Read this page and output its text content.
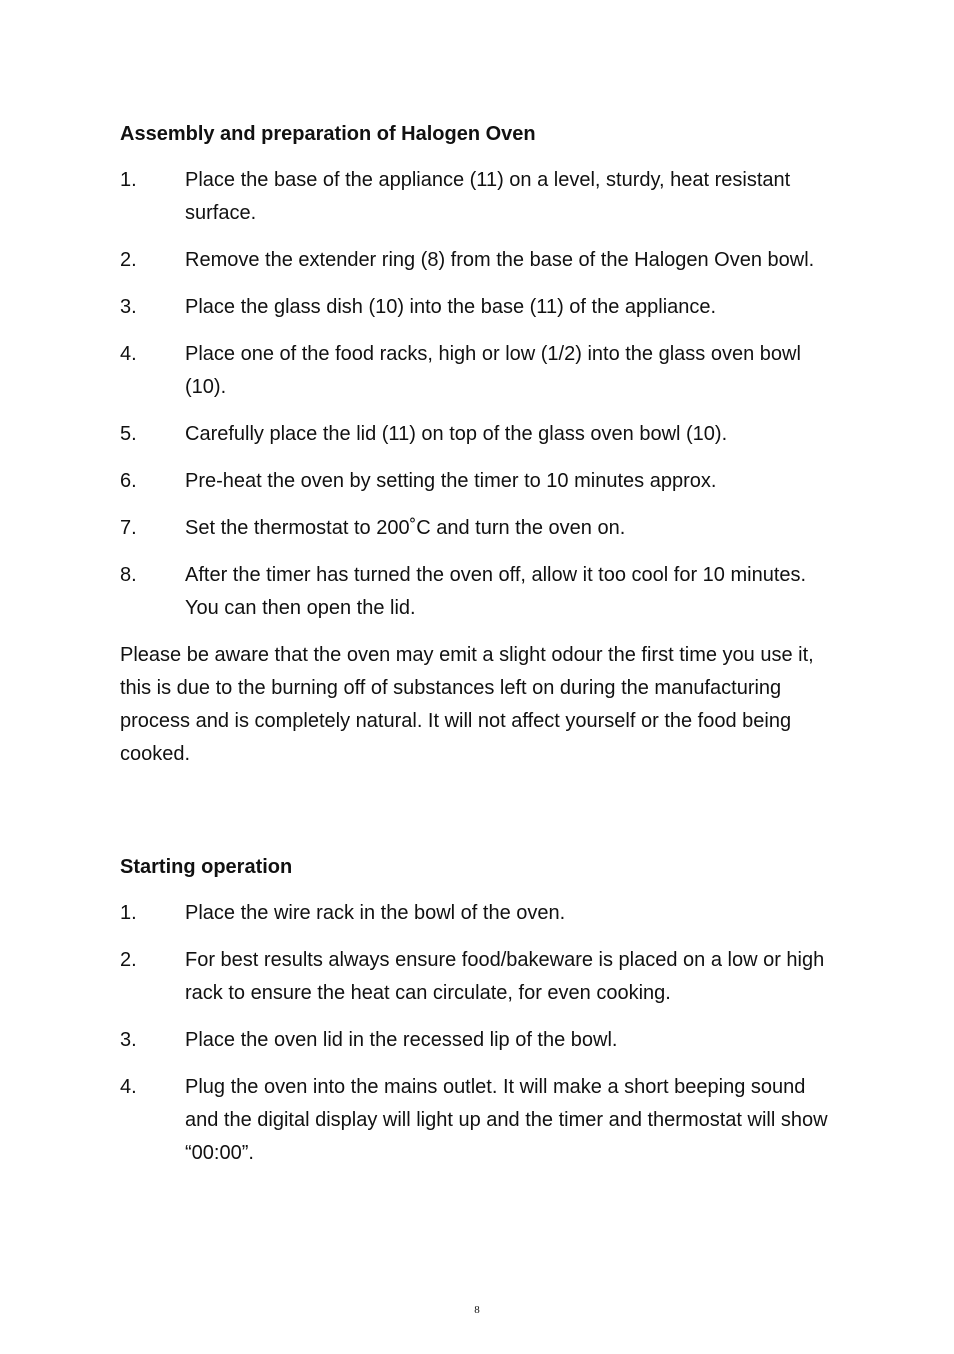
Assembly and preparation of Halogen Oven
1.	Place the base of the appliance (11) on a level, sturdy, heat resistant surface.
2.	Remove the extender ring (8) from the base of the Halogen Oven bowl.
3.	Place the glass dish (10) into the base (11) of the appliance.
4.	Place one of the food racks, high or low (1/2) into the glass oven bowl (10).
5.	Carefully place the lid (11) on top of the glass oven bowl (10).
6.	Pre-heat the oven by setting the timer to 10 minutes approx.
7.	Set the thermostat to 200˚C and turn the oven on.
8.	After the timer has turned the oven off, allow it too cool for 10 minutes. You can then open the lid.
Please be aware that the oven may emit a slight odour the first time you use it, this is due to the burning off of substances left on during the manufacturing process and is completely natural. It will not affect yourself or the food being cooked.
Starting operation
1.	Place the wire rack in the bowl of the oven.
2.	For best results always ensure food/bakeware is placed on a low or high rack to ensure the heat can circulate, for even cooking.
3.	Place the oven lid in the recessed lip of the bowl.
4.	Plug the oven into the mains outlet. It will make a short beeping sound and the digital display will light up and the timer and thermostat will show “00:00”.
8
